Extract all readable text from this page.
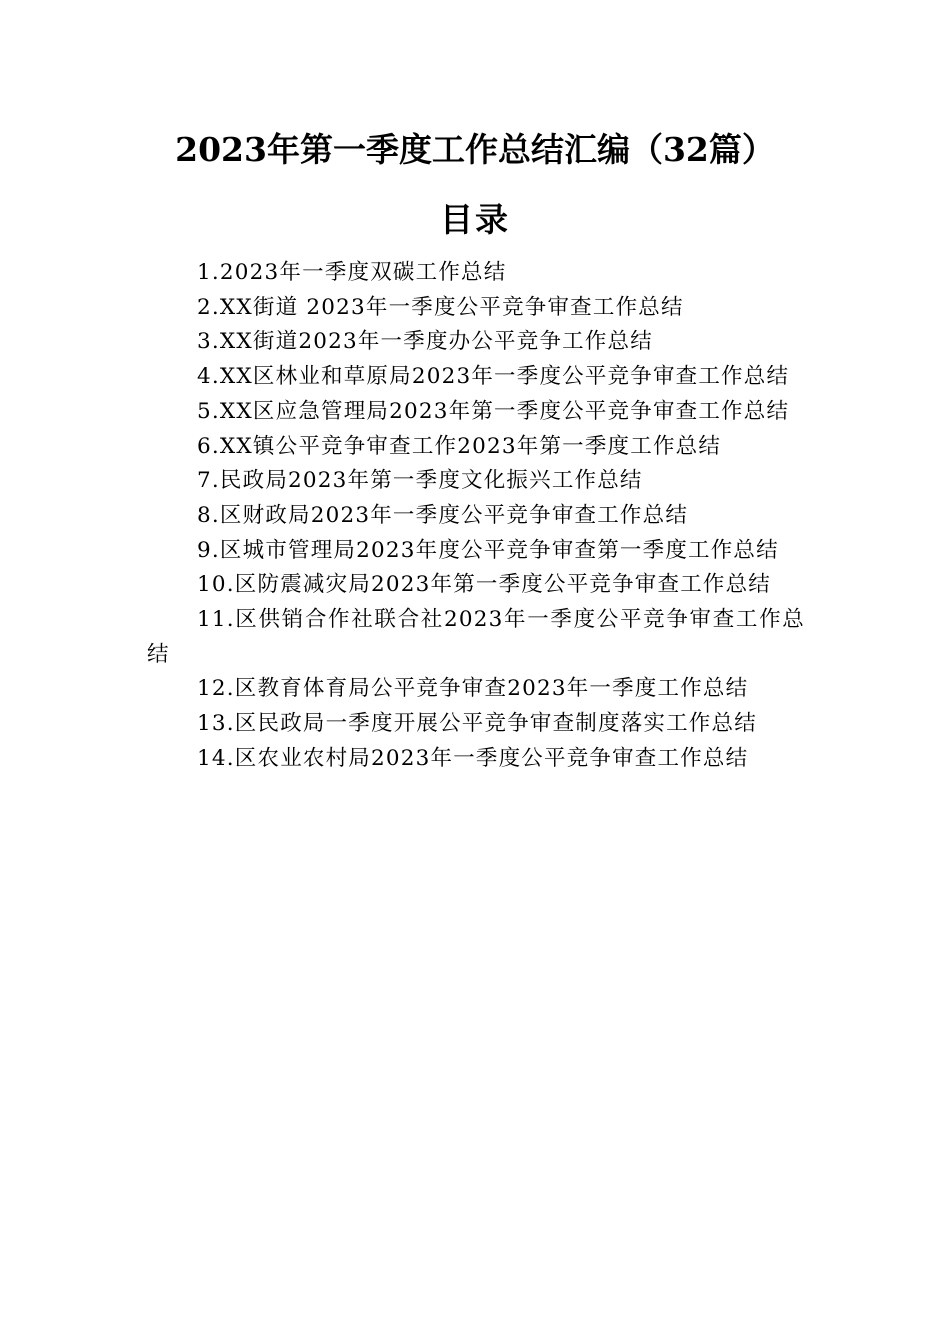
2023年第一季度工作总结汇编（32篇）
目录
1.2023年一季度双碳工作总结
2.XX街道 2023年一季度公平竞争审查工作总结
3.XX街道2023年一季度办公平竞争工作总结
4.XX区林业和草原局2023年一季度公平竞争审查工作总结
5.XX区应急管理局2023年第一季度公平竞争审查工作总结
6.XX镇公平竞争审查工作2023年第一季度工作总结
7.民政局2023年第一季度文化振兴工作总结
8.区财政局2023年一季度公平竞争审查工作总结
9.区城市管理局2023年度公平竞争审查第一季度工作总结
10.区防震减灾局2023年第一季度公平竞争审查工作总结
11.区供销合作社联合社2023年一季度公平竞争审查工作总结
12.区教育体育局公平竞争审查2023年一季度工作总结
13.区民政局一季度开展公平竞争审查制度落实工作总结
14.区农业农村局2023年一季度公平竞争审查工作总结
